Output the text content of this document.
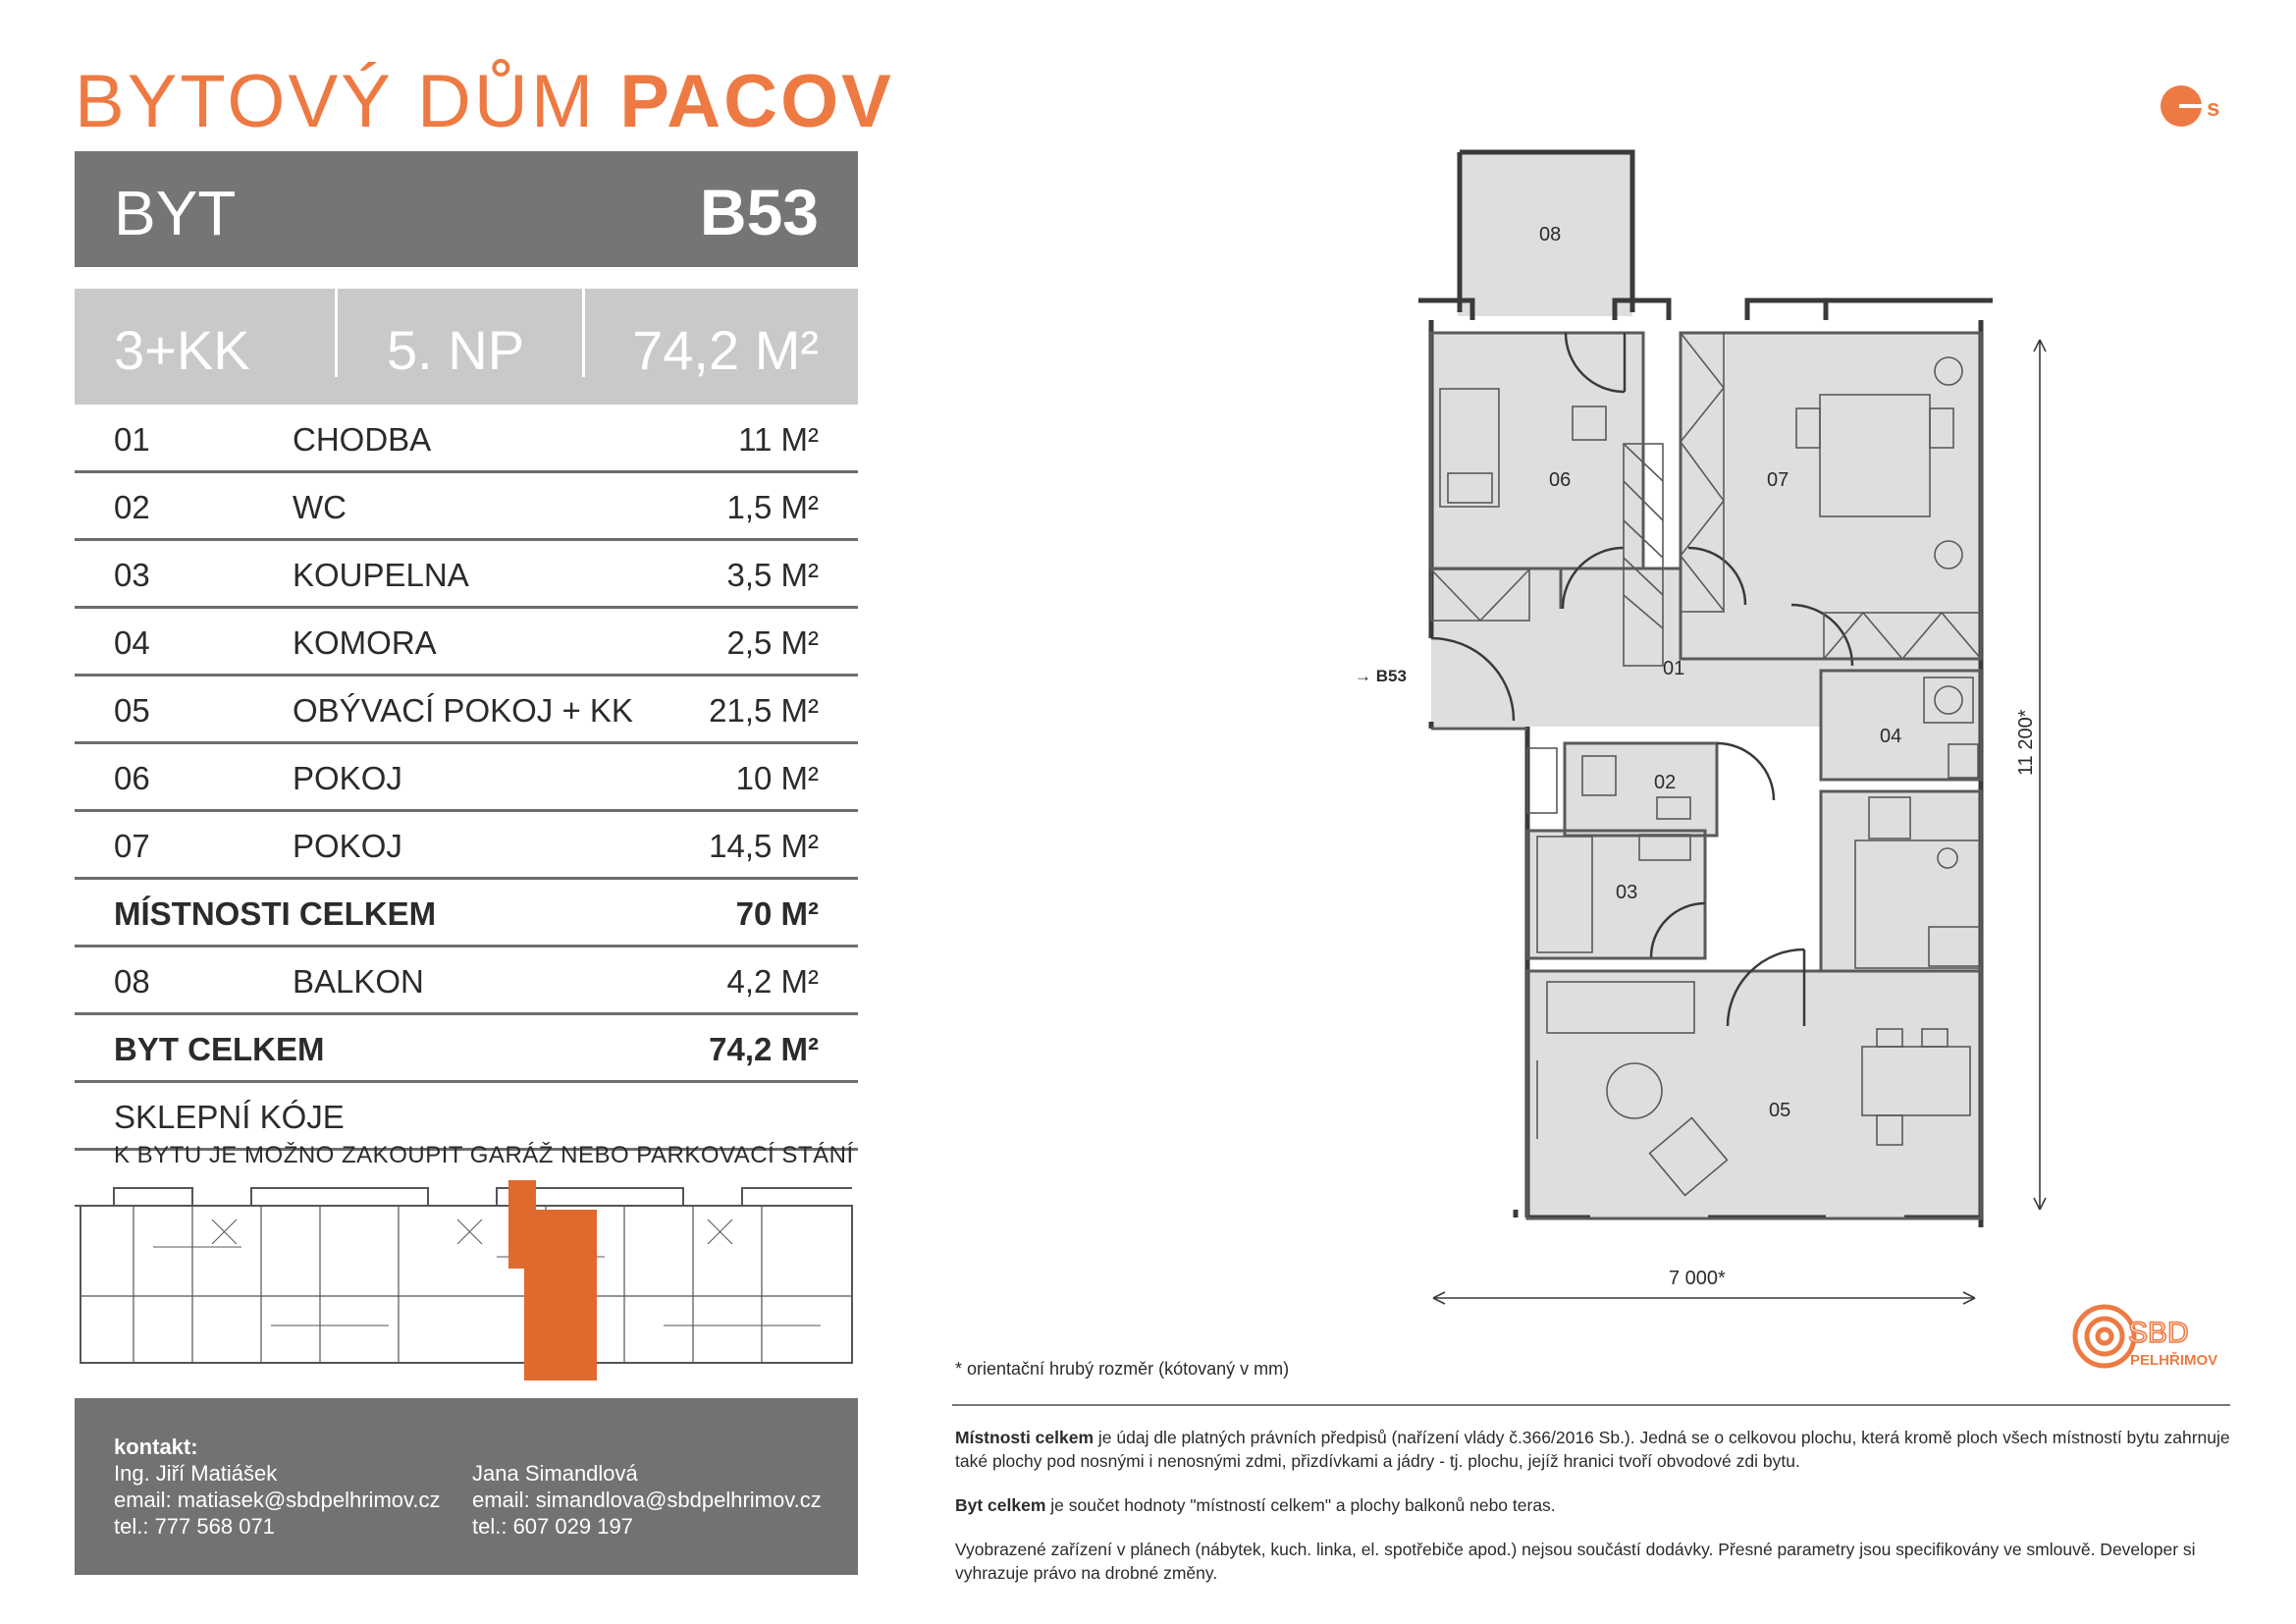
BYTOVÝ DŮM PACOV
BYT	B53
3+KK 5. NP 74,2 M²
01	CHODBA	11 M²
02	WC	1,5 M²
03	KOUPELNA	3,5 M²
04	KOMORA	2,5 M²
05	OBÝVACÍ POKOJ + KK 21,5 M²
06	POKOJ	10 M²
07	POKOJ	14,5 M²
MÍSTNOSTI CELKEM	70 M²
08	BALKON	4,2 M²
BYT CELKEM	74,2 M²
SKLEPNÍ KÓJE
K BYTU JE MOŽNO ZAKOUPIT GARÁŽ NEBO PARKOVACÍ STÁNÍ
kontakt:
Ing. Jiří Matiášek
email: matiasek@sbdpelhrimov.cz
tel.: 777 568 071
Jana Simandlová
email: simandlova@sbdpelhrimov.cz
tel.: 607 029 197
s
08
06	07
01
04
02
03
05
7 000*
11 200*
→ B53
SBD
PELHŘIMOV
* orientační hrubý rozměr (kótovaný v mm)

Místnosti celkem je údaj dle platných právních předpisů (nařízení vlády č.366/2016 Sb.). Jedná se o celkovou plochu, která kromě ploch všech místností bytu zahrnuje také plochy pod nosnými i nenosnými zdmi, přizdívkami a jádry - tj. plochu, jejíž hranici tvoří obvodové zdi bytu.

Byt celkem je součet hodnoty "místností celkem" a plochy balkonů nebo teras.

Vyobrazené zařízení v plánech (nábytek, kuch. linka, el. spotřebiče apod.) nejsou součástí dodávky. Přesné parametry jsou specifikovány ve smlouvě. Developer si vyhrazuje právo na drobné změny.
